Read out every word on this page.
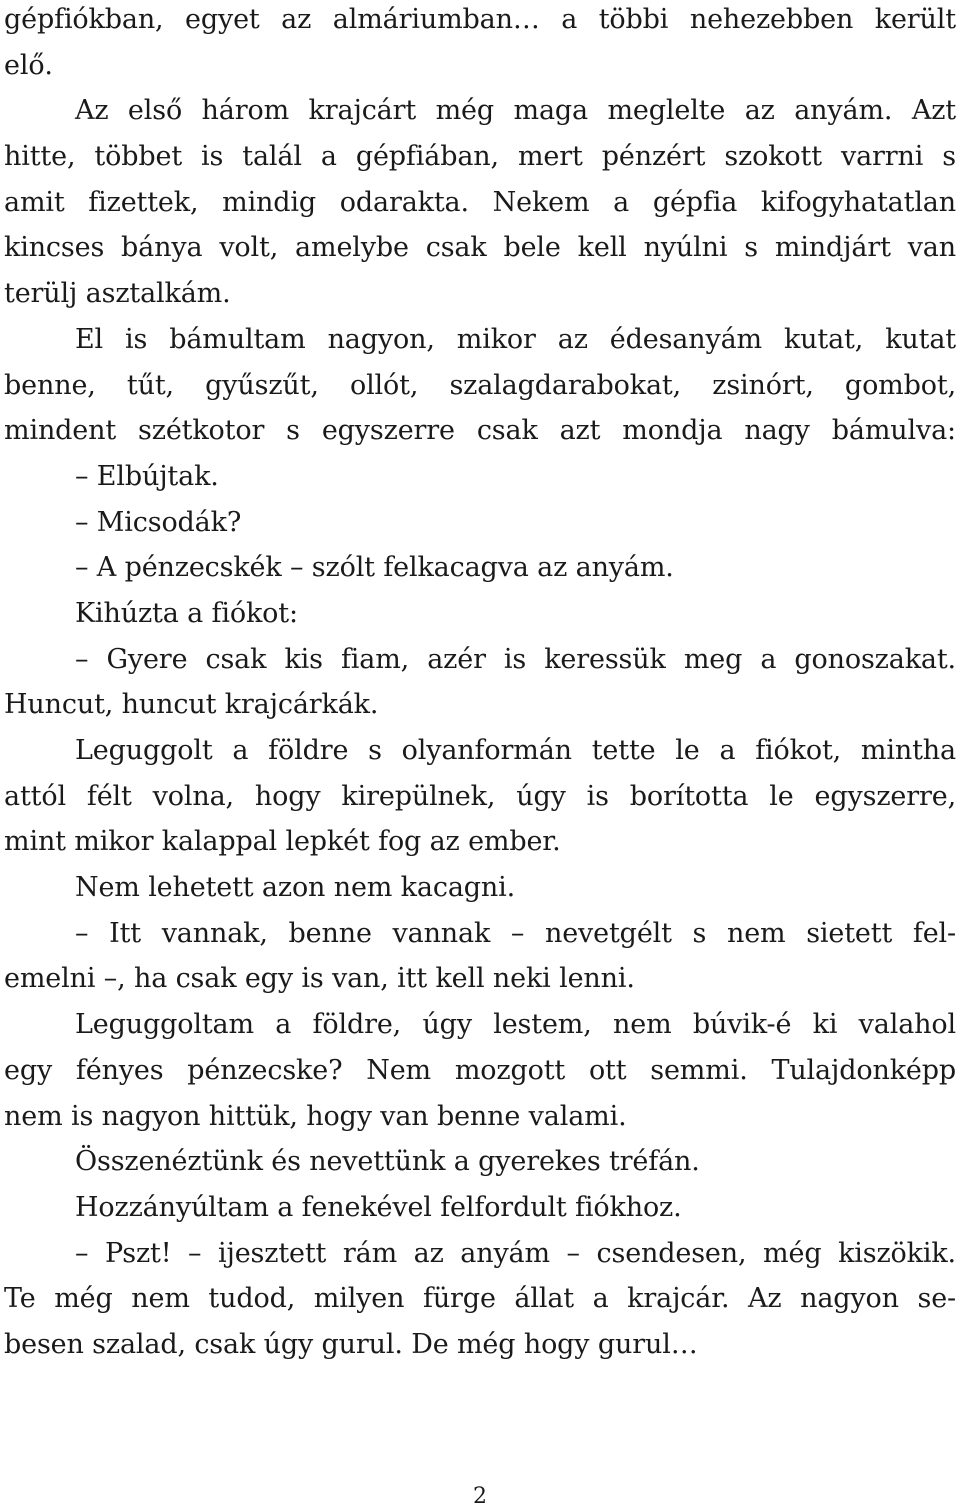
gépfiókban, egyet az almáriumban… a többi nehezebben került
elő.
Az első három krajcárt még maga meglelte az anyám. Azt
hitte, többet is talál a gépfiában, mert pénzért szokott varrni s
amit fizettek, mindig odarakta. Nekem a gépfia kifogyhatatlan
kincses bánya volt, amelybe csak bele kell nyúlni s mindjárt van
terülj asztalkám.
El is bámultam nagyon, mikor az édesanyám kutat, kutat
benne, tűt, gyűszűt, ollót, szalagdarabokat, zsinórt, gombot,
mindent szétkotor s egyszerre csak azt mondja nagy bámulva:
– Elbújtak.
– Micsodák?
– A pénzecskék – szólt felkacagva az anyám.
Kihúzta a fiókot:
– Gyere csak kis fiam, azér is keressük meg a gonoszakat.
Huncut, huncut krajcárkák.
Leguggolt a földre s olyanformán tette le a fiókot, mintha
attól félt volna, hogy kirepülnek, úgy is borította le egyszerre,
mint mikor kalappal lepkét fog az ember.
Nem lehetett azon nem kacagni.
– Itt vannak, benne vannak – nevetgélt s nem sietett fel-
emelni –, ha csak egy is van, itt kell neki lenni.
Leguggoltam a földre, úgy lestem, nem búvik-é ki valahol
egy fényes pénzecske? Nem mozgott ott semmi. Tulajdonképp
nem is nagyon hittük, hogy van benne valami.
Összenéztünk és nevettünk a gyerekes tréfán.
Hozzányúltam a fenekével felfordult fiókhoz.
– Pszt! – ijesztett rám az anyám – csendesen, még kiszökik.
Te még nem tudod, milyen fürge állat a krajcár. Az nagyon se-
besen szalad, csak úgy gurul. De még hogy gurul…
2
